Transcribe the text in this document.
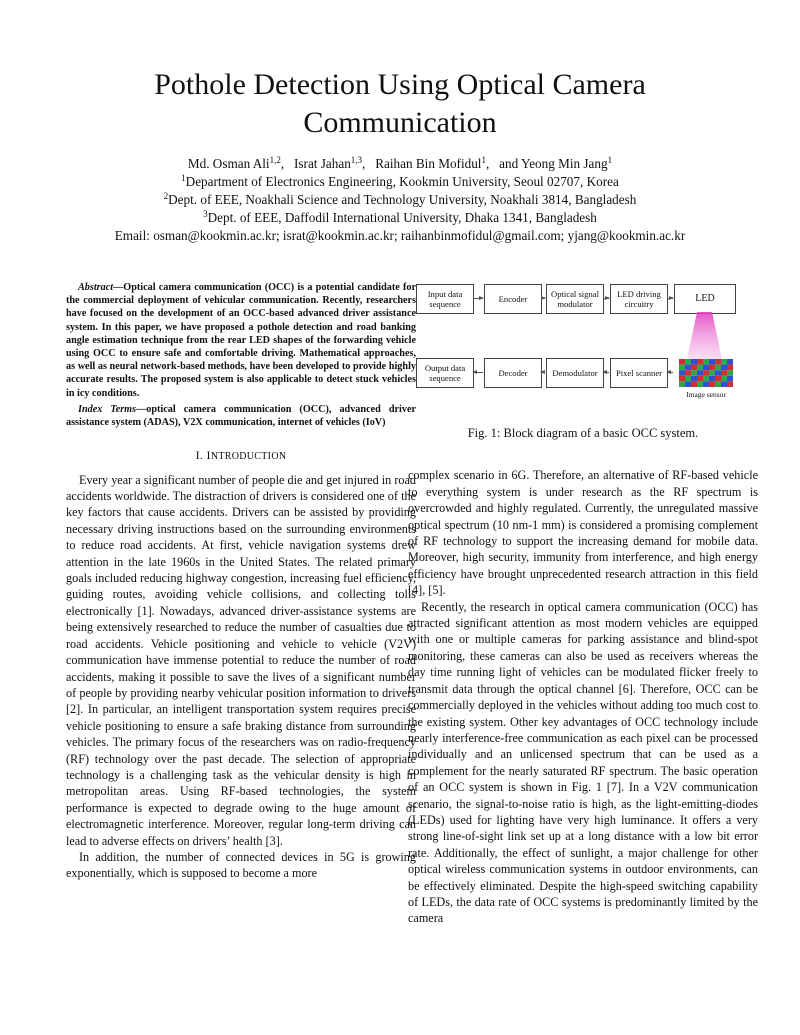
Pothole Detection Using Optical Camera
Communication
Md. Osman Ali$^{1,2}$,   Israt Jahan$^{1,3}$,   Raihan Bin Mofidul$^1$,   and Yeong Min Jang$^1$
$^1$Department of Electronics Engineering, Kookmin University, Seoul 02707, Korea
$^2$Dept. of EEE, Noakhali Science and Technology University, Noakhali 3814, Bangladesh
$^3$Dept. of EEE, Daffodil International University, Dhaka 1341, Bangladesh
Email: osman@kookmin.ac.kr; israt@kookmin.ac.kr; raihanbinmofidul@gmail.com; yjang@kookmin.ac.kr

Abstract—Optical camera communication (OCC) is a potential candidate for the commercial deployment of vehicular communication. Recently, researchers have focused on the development of an OCC-based advanced driver assistance system. In this paper, we have proposed a pothole detection and road banking angle estimation technique from the rear LED shapes of the forwarding vehicle using OCC to ensure safe and comfortable driving. Mathematical approaches, as well as neural network-based methods, have been developed to provide highly accurate results. The proposed system is also applicable to detect stuck vehicles in icy conditions.

Index Terms—optical camera communication (OCC), advanced driver assistance system (ADAS), V2X communication, internet of vehicles (IoV)

I. INTRODUCTION

Every year a significant number of people die and get injured in road accidents worldwide. The distraction of drivers is considered one of the key factors that cause accidents. Drivers can be assisted by providing necessary driving instructions based on the surrounding environments to reduce road accidents. At first, vehicle navigation systems drew attention in the late 1960s in the United States. The related primary goals included reducing highway congestion, increasing fuel efficiency, guiding routes, avoiding vehicle collisions, and collecting tolls electronically [1]. Nowadays, advanced driver-assistance systems are being extensively researched to reduce the number of casualties due to road accidents. Vehicle positioning and vehicle to vehicle (V2V) communication have immense potential to reduce the number of road accidents, making it possible to save the lives of a significant number of people by providing nearby vehicular position information to drivers [2]. In particular, an intelligent transportation system requires precise vehicle positioning to ensure a safe braking distance from surrounding vehicles. The primary focus of the researchers was on radio-frequency (RF) technology over the past decade. The selection of appropriate technology is a challenging task as the vehicular density is high in metropolitan areas. Using RF-based technologies, the system performance is expected to degrade owing to the huge amount of electromagnetic interference. Moreover, regular long-term driving can lead to adverse effects on drivers’ health [3].

In addition, the number of connected devices in 5G is growing exponentially, which is supposed to become a more

Input data sequence	Encoder	Optical signal modulator
LED driving circuitry	LED
Output data sequence	Decoder	Demodulator	Pixel scanner
Image sensor
Fig. 1: Block diagram of a basic OCC system.

complex scenario in 6G. Therefore, an alternative of RF-based vehicle to everything system is under research as the RF spectrum is overcrowded and highly regulated. Currently, the unregulated massive optical spectrum (10 nm-1 mm) is considered a promising complement of RF technology to support the increasing demand for mobile data. Moreover, high security, immunity from interference, and high energy efficiency have brought unprecedented research attraction in this field [4], [5].

Recently, the research in optical camera communication (OCC) has attracted significant attention as most modern vehicles are equipped with one or multiple cameras for parking assistance and blind-spot monitoring, these cameras can also be used as receivers whereas the day time running light of vehicles can be modulated flicker freely to transmit data through the optical channel [6]. Therefore, OCC can be commercially deployed in the vehicles without adding too much cost to the existing system. Other key advantages of OCC technology include nearly interference-free communication as each pixel can be processed individually and an unlicensed spectrum that can be used as a complement for the nearly saturated RF spectrum. The basic operation of an OCC system is shown in Fig. 1 [7]. In a V2V communication scenario, the signal-to-noise ratio is high, as the light-emitting-diodes (LEDs) used for lighting have very high luminance. It offers a very strong line-of-sight link set up at a long distance with a low bit error rate. Additionally, the effect of sunlight, a major challenge for other optical wireless communication systems in outdoor environments, can be effectively eliminated. Despite the high-speed switching capability of LEDs, the data rate of OCC systems is predominantly limited by the camera
